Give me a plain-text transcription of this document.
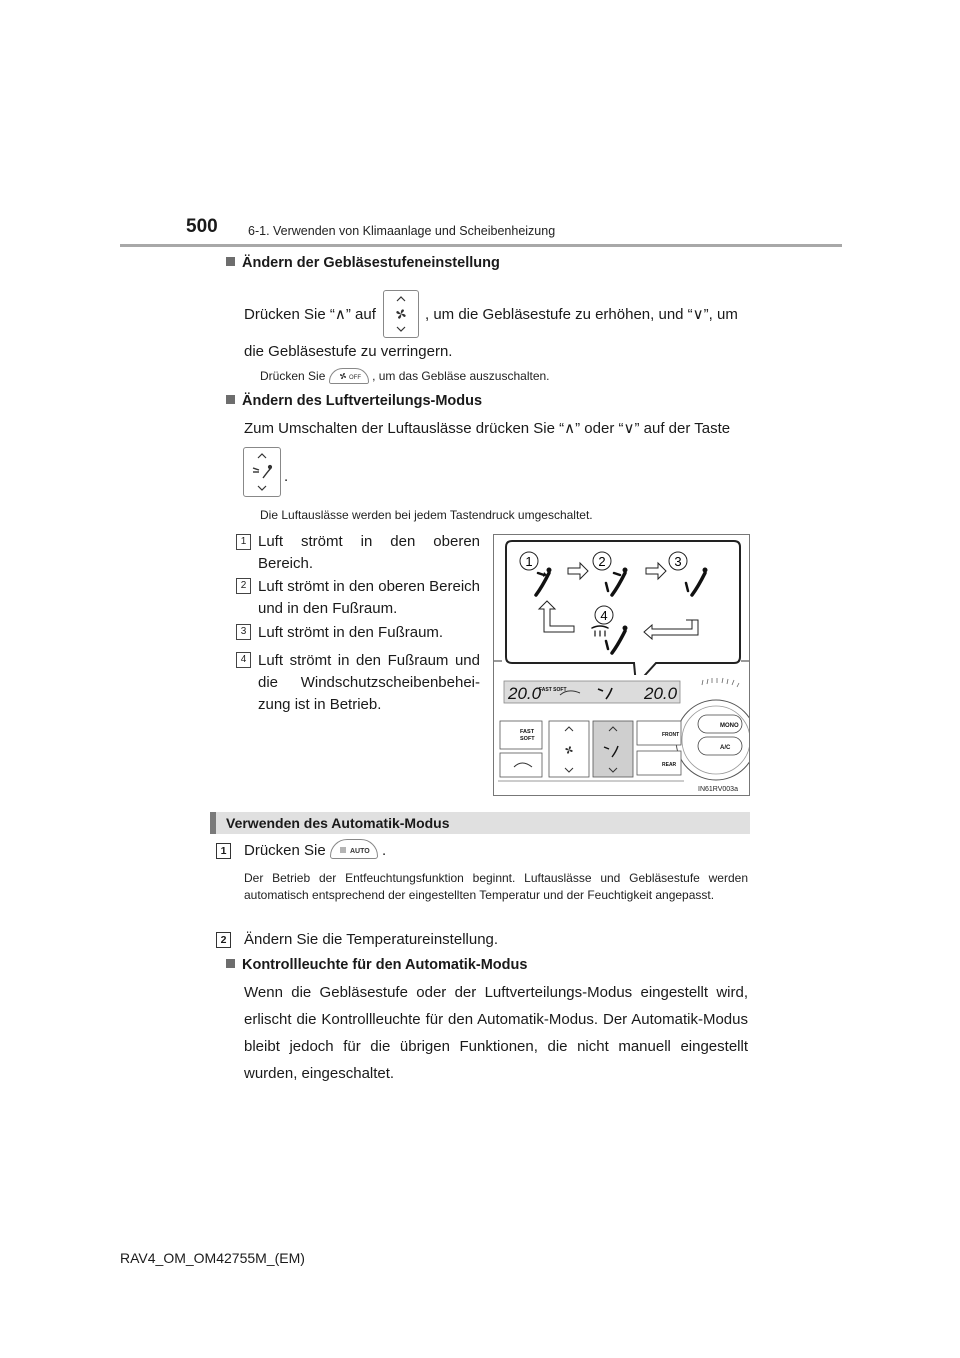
500 6-1. Verwenden von Klimaanlage und Scheibenheizung
Ändern der Gebläsestufeneinstellung
Drücken Sie “∧” auf	, um die Gebläsestufe zu erhöhen, und “∨”, um
die Gebläsestufe zu verringern.
Drücken Sie	OFF , um das Gebläse auszuschalten.
Ändern des Luftverteilungs-Modus
Zum Umschalten der Luftauslässe drücken Sie “∧” oder “∨” auf der Taste
.
Die Luftauslässe werden bei jedem Tastendruck umgeschaltet.
1 Luft strömt in den oberen Bereich.
2 Luft strömt in den oberen Bereich und in den Fußraum.
3 Luft strömt in den Fußraum.
4 Luft strömt in den Fußraum und die Windschutzscheibenbeheizung ist in Betrieb.
1	2	3
4
20.0
FAST SOFT	20.0
MONO
A/C
FAST
SOFT
FRONT
REAR
IN61RV003a
Verwenden des Automatik-Modus
1	Drücken Sie	AUTO .
Der Betrieb der Entfeuchtungsfunktion beginnt. Luftauslässe und Gebläsestufe werden automatisch entsprechend der eingestellten Temperatur und der Feuchtigkeit angepasst.
2	Ändern Sie die Temperatureinstellung.
Kontrollleuchte für den Automatik-Modus
Wenn die Gebläsestufe oder der Luftverteilungs-Modus eingestellt wird, erlischt die Kontrollleuchte für den Automatik-Modus. Der Automatik-Modus bleibt jedoch für die übrigen Funktionen, die nicht manuell eingestellt wurden, eingeschaltet.
RAV4_OM_OM42755M_(EM)
